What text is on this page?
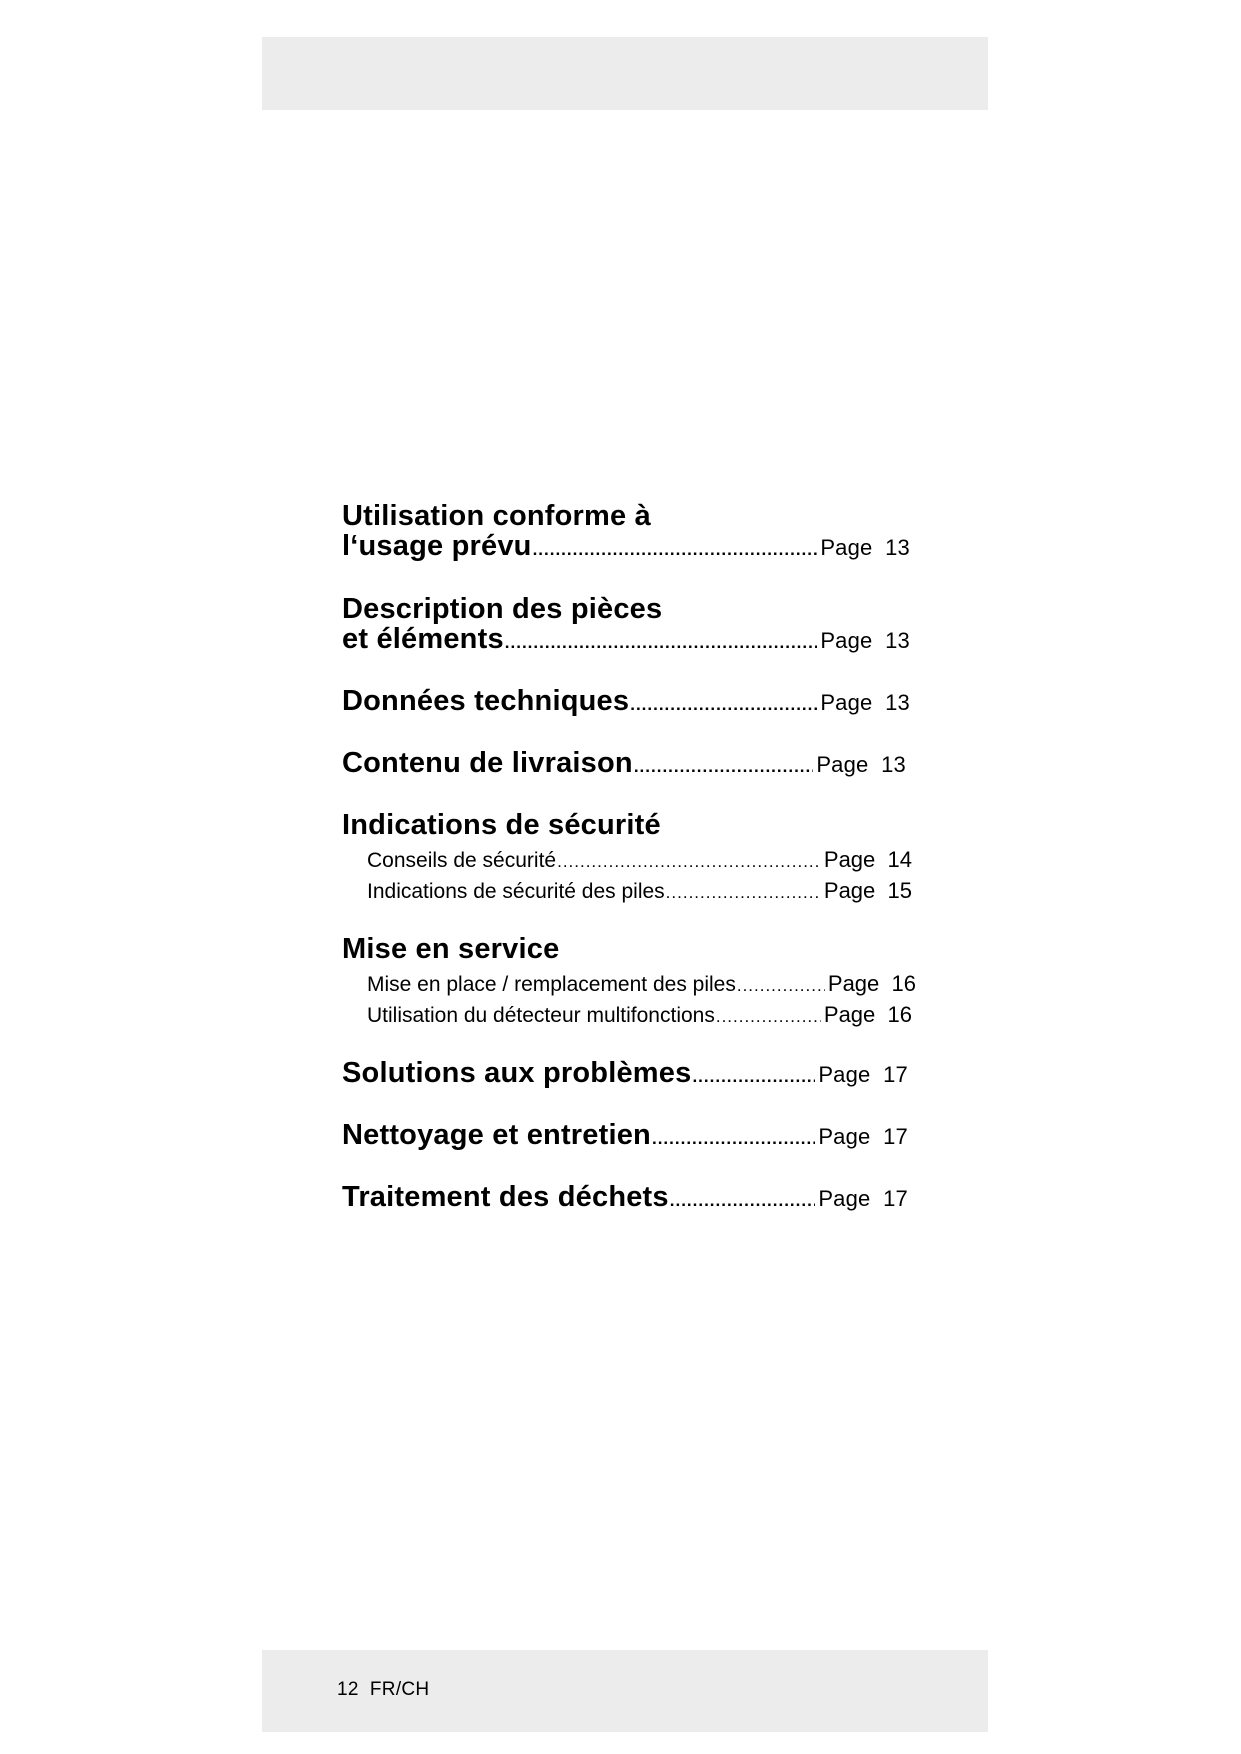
Utilisation conforme à
l‘usage prévu .....	Page 13
Description des pièces
et éléments .....	Page 13
Données techniques .....	Page 13
Contenu de livraison .....	Page 13
Indications de sécurité
Conseils de sécurité .....	Page 14
Indications de sécurité des piles .....	Page 15
Mise en service
Mise en place / remplacement des piles .....	Page 16
Utilisation du détecteur multifonctions .....	Page 16
Solutions aux problèmes .....	Page 17
Nettoyage et entretien .....	Page 17
Traitement des déchets .....	Page 17
12 FR/CH
